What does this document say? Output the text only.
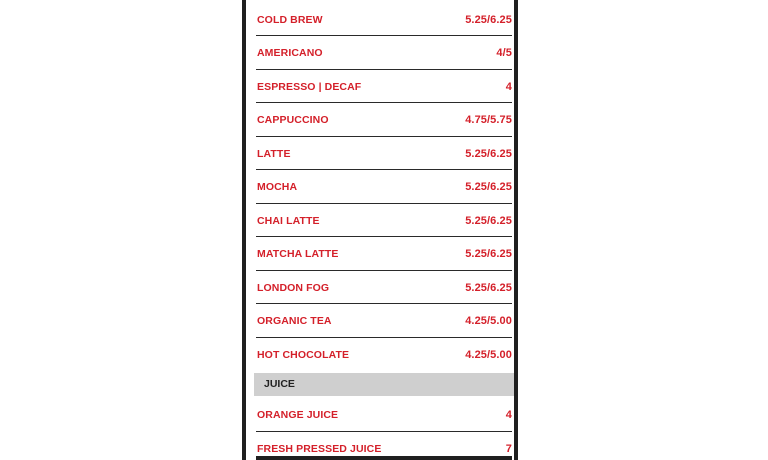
COLD BREW	5.25/6.25
AMERICANO	4/5
ESPRESSO | DECAF	4
CAPPUCCINO	4.75/5.75
LATTE	5.25/6.25
MOCHA	5.25/6.25
CHAI LATTE	5.25/6.25
MATCHA LATTE	5.25/6.25
LONDON FOG	5.25/6.25
ORGANIC TEA	4.25/5.00
HOT CHOCOLATE	4.25/5.00
JUICE
ORANGE JUICE	4
FRESH PRESSED JUICE	7
